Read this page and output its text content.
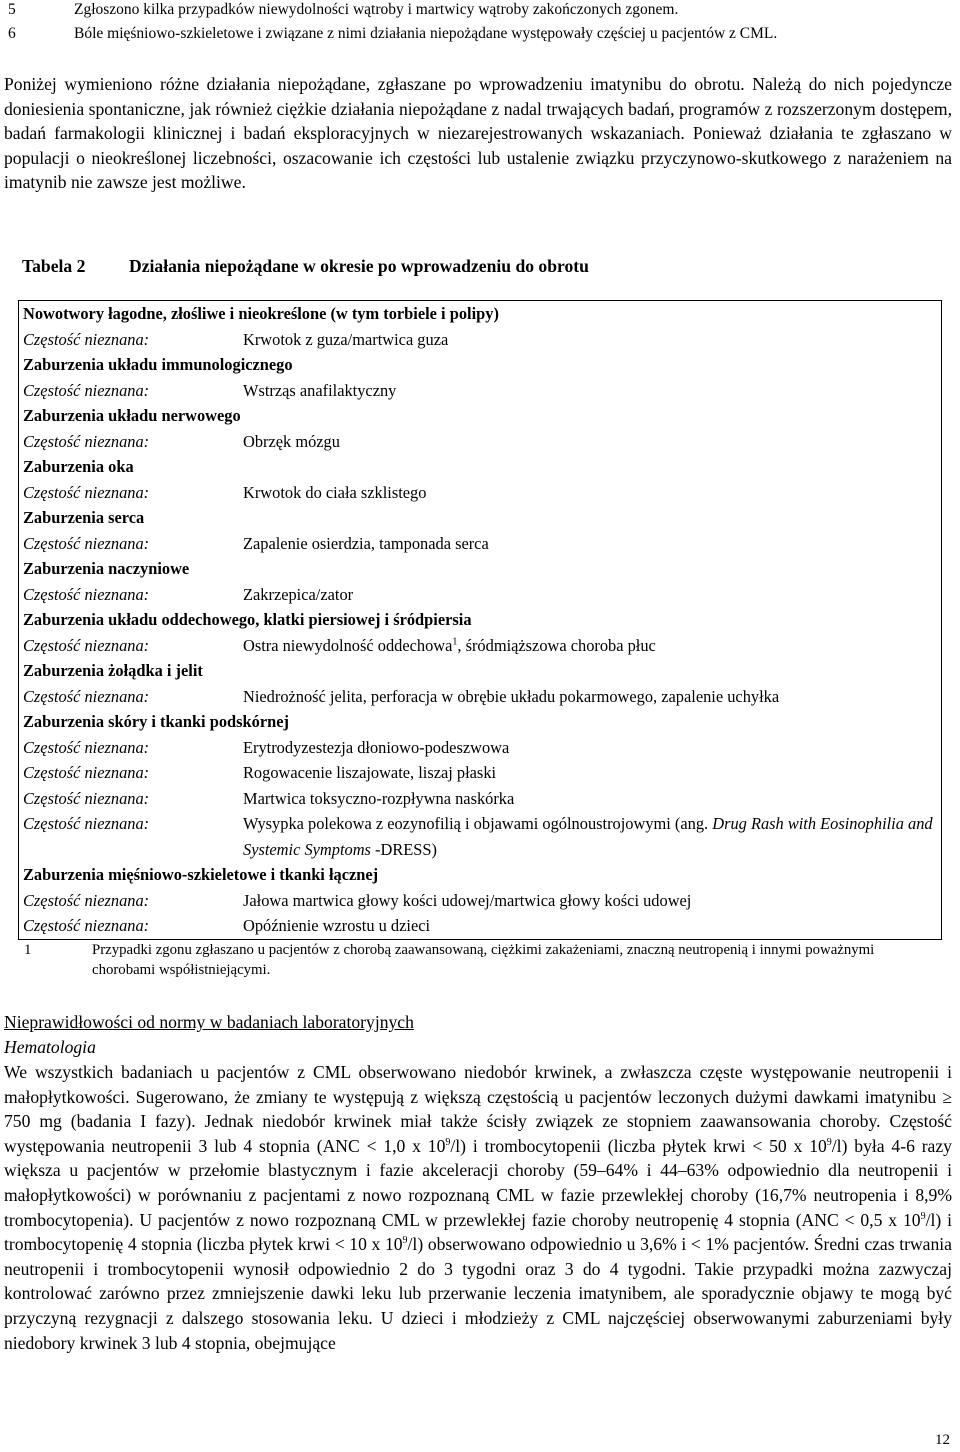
5	Zgłoszono kilka przypadków niewydolności wątroby i martwicy wątroby zakończonych zgonem.
6	Bóle mięśniowo-szkieletowe i związane z nimi działania niepożądane występowały częściej u pacjentów z CML.
Poniżej wymieniono różne działania niepożądane, zgłaszane po wprowadzeniu imatynibu do obrotu. Należą do nich pojedyncze doniesienia spontaniczne, jak również ciężkie działania niepożądane z nadal trwających badań, programów z rozszerzonym dostępem, badań farmakologii klinicznej i badań eksploracyjnych w niezarejestrowanych wskazaniach. Ponieważ działania te zgłaszano w populacji o nieokreślonej liczebności, oszacowanie ich częstości lub ustalenie związku przyczynowo-skutkowego z narażeniem na imatynib nie zawsze jest możliwe.
Tabela 2 Działania niepożądane w okresie po wprowadzeniu do obrotu
Nowotwory łagodne, złośliwe i nieokreślone (w tym torbiele i polipy)
Częstość nieznana:	Krwotok z guza/martwica guza
Zaburzenia układu immunologicznego
Częstość nieznana:	Wstrząs anafilaktyczny
Zaburzenia układu nerwowego
Częstość nieznana:	Obrzęk mózgu
Zaburzenia oka
Częstość nieznana:	Krwotok do ciała szklistego
Zaburzenia serca
Częstość nieznana:	Zapalenie osierdzia, tamponada serca
Zaburzenia naczyniowe
Częstość nieznana:	Zakrzepica/zator
Zaburzenia układu oddechowego, klatki piersiowej i śródpiersia
Częstość nieznana:	Ostra niewydolność oddechowa$^1$, śródmiąższowa choroba płuc
Zaburzenia żołądka i jelit
Częstość nieznana:	Niedrożność jelita, perforacja w obrębie układu pokarmowego, zapalenie uchyłka
Zaburzenia skóry i tkanki podskórnej
Częstość nieznana:	Erytrodyzestezja dłoniowo-podeszwowa
Częstość nieznana:	Rogowacenie liszajowate, liszaj płaski
Częstość nieznana:	Martwica toksyczno-rozpływna naskórka
Częstość nieznana:	Wysypka polekowa z eozynofilią i objawami ogólnoustrojowymi (ang. Drug Rash with Eosinophilia and Systemic Symptoms -DRESS)
Zaburzenia mięśniowo-szkieletowe i tkanki łącznej
Częstość nieznana:	Jałowa martwica głowy kości udowej/martwica głowy kości udowej
Częstość nieznana:	Opóźnienie wzrostu u dzieci
1	Przypadki zgonu zgłaszano u pacjentów z chorobą zaawansowaną, ciężkimi zakażeniami, znaczną neutropenią i innymi poważnymi chorobami współistniejącymi.
Nieprawidłowości od normy w badaniach laboratoryjnych
Hematologia
We wszystkich badaniach u pacjentów z CML obserwowano niedobór krwinek, a zwłaszcza częste występowanie neutropenii i małopłytkowości. Sugerowano, że zmiany te występują z większą częstością u pacjentów leczonych dużymi dawkami imatynibu ≥ 750 mg (badania I fazy). Jednak niedobór krwinek miał także ścisły związek ze stopniem zaawansowania choroby. Częstość występowania neutropenii 3 lub 4 stopnia (ANC < 1,0 x $10^9/l$) i trombocytopenii (liczba płytek krwi < 50 x $10^9/l$) była 4-6 razy większa u pacjentów w przełomie blastycznym i fazie akceleracji choroby (59–64% i 44–63% odpowiednio dla neutropenii i małopłytkowości) w porównaniu z pacjentami z nowo rozpoznaną CML w fazie przewlekłej choroby (16,7% neutropenia i 8,9% trombocytopenia). U pacjentów z nowo rozpoznaną CML w przewlekłej fazie choroby neutropenię 4 stopnia (ANC < 0,5 x $10^9/l$) i trombocytopenię 4 stopnia (liczba płytek krwi < 10 x $10^9/l$) obserwowano odpowiednio u 3,6% i < 1% pacjentów. Średni czas trwania neutropenii i trombocytopenii wynosił odpowiednio 2 do 3 tygodni oraz 3 do 4 tygodni. Takie przypadki można zazwyczaj kontrolować zarówno przez zmniejszenie dawki leku lub przerwanie leczenia imatynibem, ale sporadycznie objawy te mogą być przyczyną rezygnacji z dalszego stosowania leku. U dzieci i młodzieży z CML najczęściej obserwowanymi zaburzeniami były niedobory krwinek 3 lub 4 stopnia, obejmujące
12
